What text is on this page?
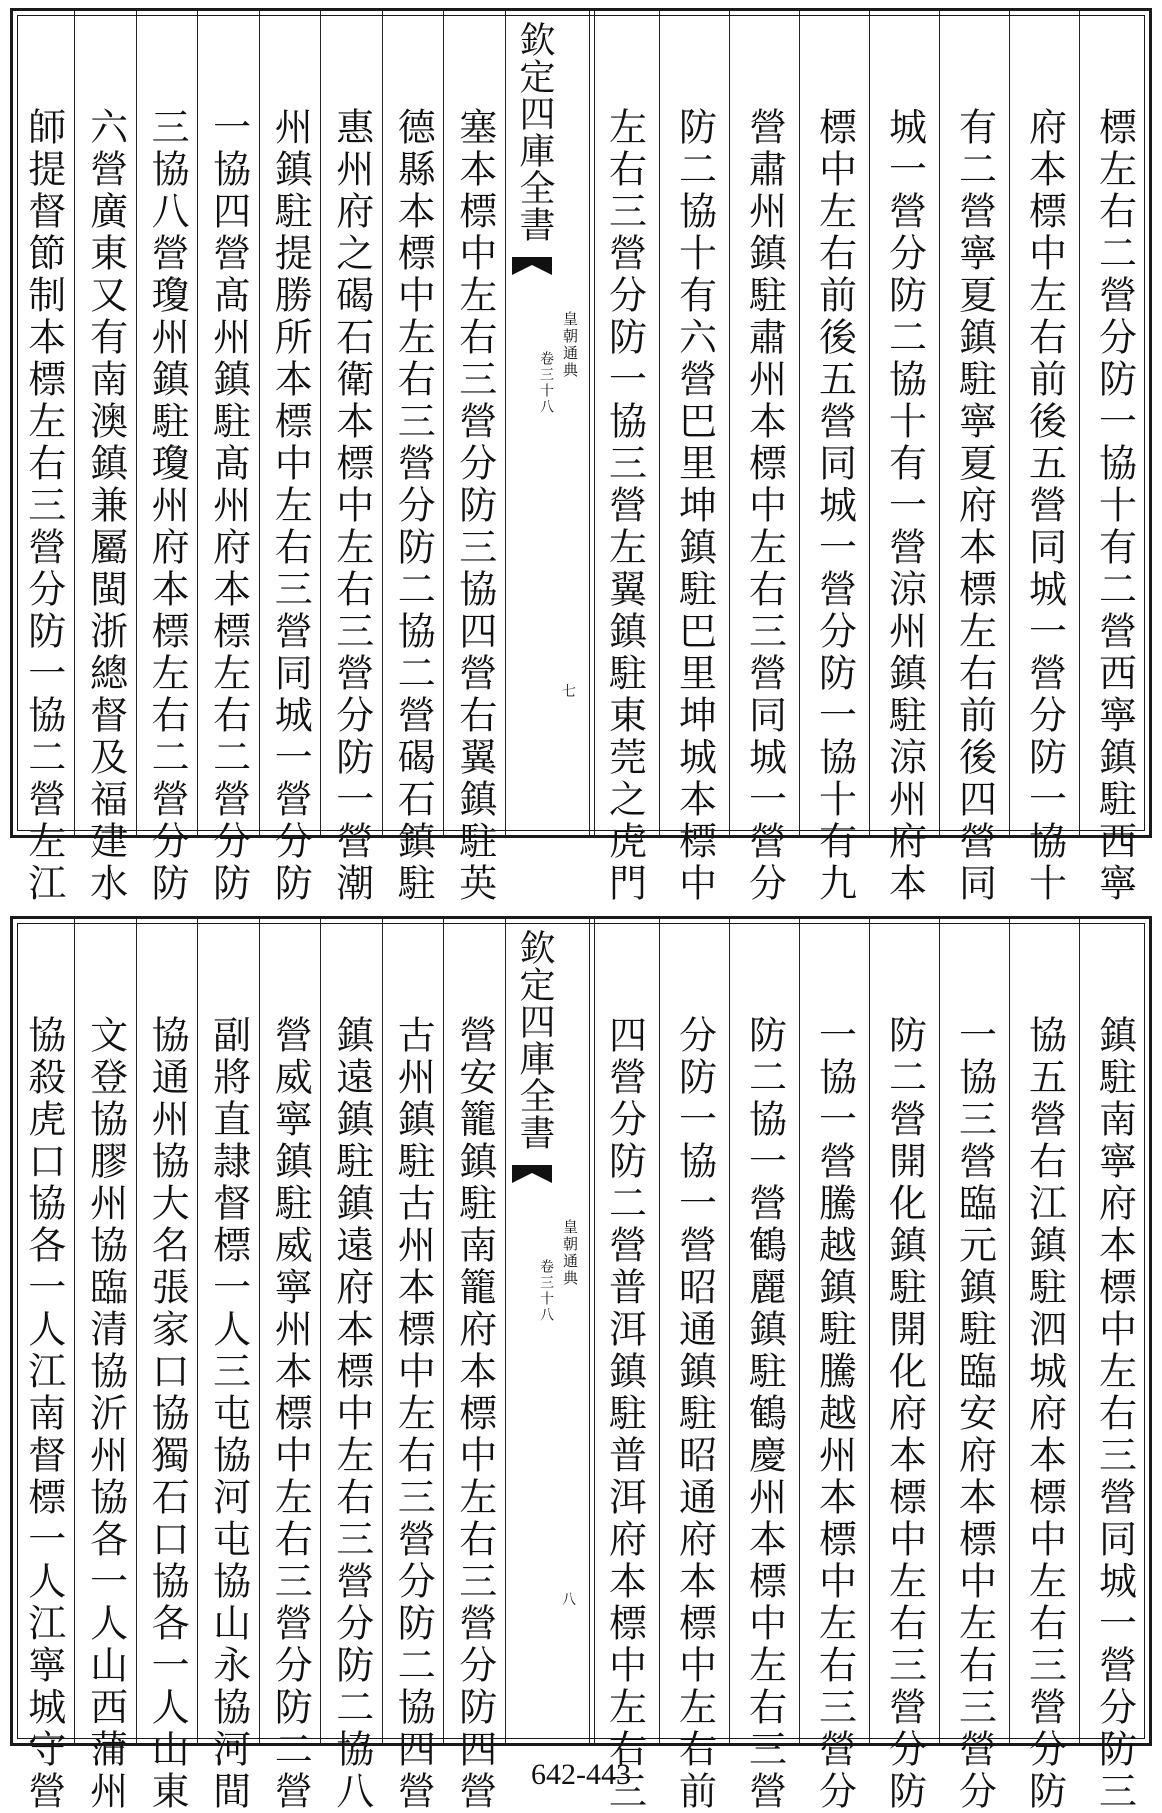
標左右二營分防一協十有二營西寧鎮駐西寧
府本標中左右前後五營同城一營分防一協十
有二營寧夏鎮駐寧夏府本標左右前後四營同
城一營分防二協十有一營涼州鎮駐涼州府本
標中左右前後五營同城一營分防一協十有九
營肅州鎮駐肅州本標中左右三營同城一營分
防二協十有六營巴里坤鎮駐巴里坤城本標中
左右三營分防一協三營左翼鎮駐東莞之虎門
欽定四庫全書
皇朝通典
卷三十八
七
塞本標中左右三營分防三協四營右翼鎮駐英
德縣本標中左右三營分防二協二營碣石鎮駐
惠州府之碣石衛本標中左右三營分防一營潮
州鎮駐提勝所本標中左右三營同城一營分防
一協四營髙州鎮駐髙州府本標左右二營分防
三協八營瓊州鎮駐瓊州府本標左右二營分防
六營廣東又有南澳鎮兼屬閩浙總督及福建水
師提督節制本標左右三營分防一協二營左江
鎮駐南寧府本標中左右三營同城一營分防三
協五營右江鎮駐泗城府本標中左右三營分防
一協三營臨元鎮駐臨安府本標中左右三營分
防二營開化鎮駐開化府本標中左右三營分防
一協一營騰越鎮駐騰越州本標中左右三營分
防二協一營鶴麗鎮駐鶴慶州本標中左右三營
分防一協一營昭通鎮駐昭通府本標中左右前
四營分防二營普洱鎮駐普洱府本標中左右三
欽定四庫全書
皇朝通典
卷三十八
八
營安籠鎮駐南籠府本標中左右三營分防四營
古州鎮駐古州本標中左右三營分防二協四營
鎮遠鎮駐鎮遠府本標中左右三營分防二協八
營威寧鎮駐威寧州本標中左右三營分防二營
副將直隷督標一人三屯協河屯協山永協河間
協通州協大名張家口協獨石口協各一人山東
文登協膠州協臨清協沂州協各一人山西蒲州
協殺虎口協各一人江南督標一人江寧城守營	642-443
